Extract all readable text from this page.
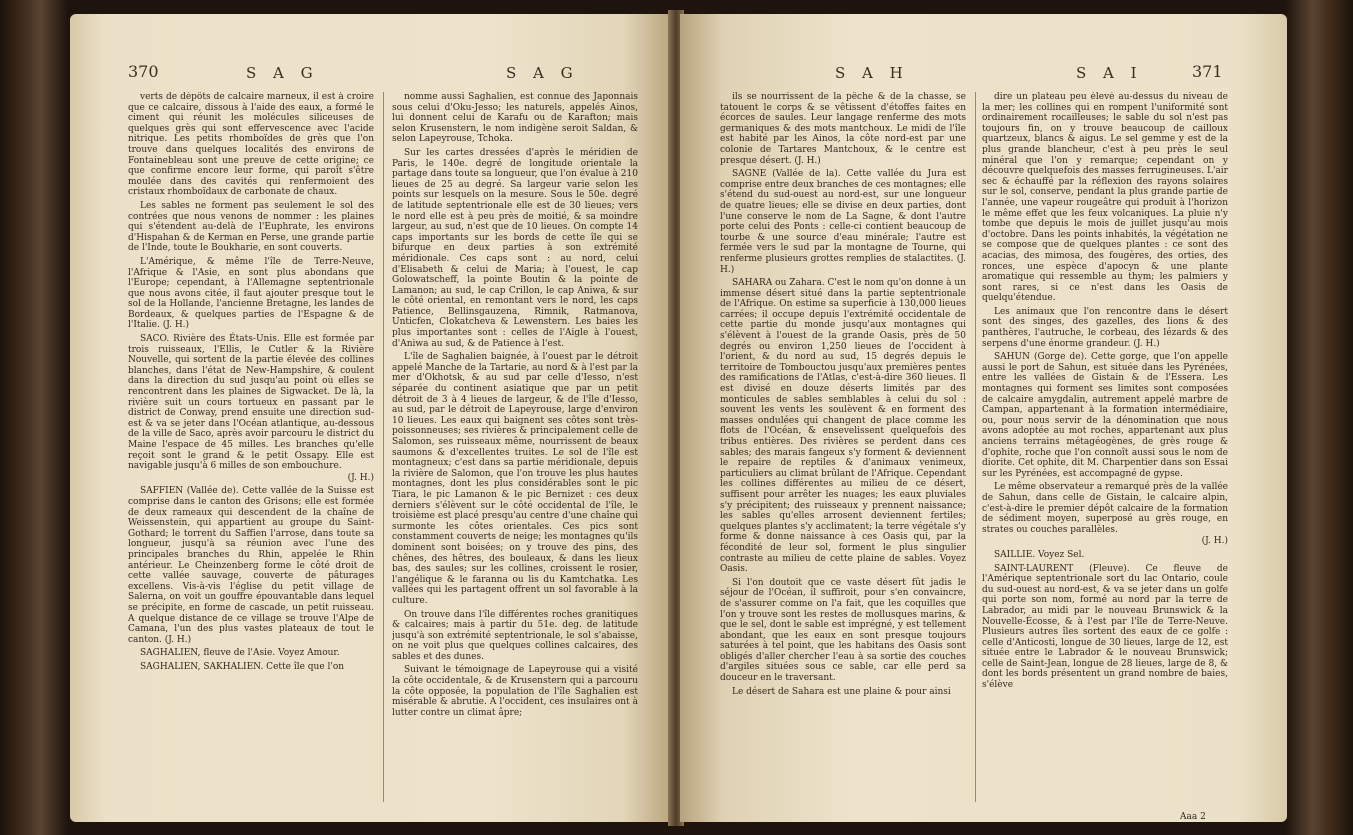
370	S A G	S A G

verts de dépôts de calcaire marneux, il est à croire que ce calcaire, dissous à l'aide des eaux, a formé le ciment qui réunit les molécules siliceuses de quelques grès qui sont effervescence avec l'acide nitrique. Les petits rhomboïdes de grès que l'on trouve dans quelques localités des environs de Fontainebleau sont une preuve de cette origine; ce que confirme encore leur forme, qui paroît s'être moulée dans des cavités qui renfermoient des cristaux rhomboïdaux de carbonate de chaux.

Les sables ne forment pas seulement le sol des contrées que nous venons de nommer : les plaines qui s'étendent au-delà de l'Euphrate, les environs d'Hispahan & de Kerman en Perse, une grande partie de l'Inde, toute le Boukharie, en sont couverts.

L'Amérique, & même l'île de Terre-Neuve, l'Afrique & l'Asie, en sont plus abondans que l'Europe; cependant, à l'Allemagne septentrionale que nous avons citée, il faut ajouter presque tout le sol de la Hollande, l'ancienne Bretagne, les landes de Bordeaux, & quelques parties de l'Espagne & de l'Italie. (J. H.)

SACO. Rivière des États-Unis. Elle est formée par trois ruisseaux, l'Ellis, le Cutler & la Rivière Nouvelle, qui sortent de la partie élevée des collines blanches, dans l'état de New-Hampshire, & coulent dans la direction du sud jusqu'au point où elles se rencontrent dans les plaines de Sigwacket. De là, la rivière suit un cours tortueux en passant par le district de Conway, prend ensuite une direction sud-est & va se jeter dans l'Océan atlantique, au-dessous de la ville de Saco, après avoir parcouru le district du Maine l'espace de 45 milles. Les branches qu'elle reçoit sont le grand & le petit Ossapy. Elle est navigable jusqu'à 6 milles de son embouchure.

(J. H.)

SAFFIEN (Vallée de). Cette vallée de la Suisse est comprise dans le canton des Grisons; elle est formée de deux rameaux qui descendent de la chaîne de Weissenstein, qui appartient au groupe du Saint-Gothard; le torrent du Saffien l'arrose, dans toute sa longueur, jusqu'à sa réunion avec l'une des principales branches du Rhin, appelée le Rhin antérieur. Le Cheinzenberg forme le côté droit de cette vallée sauvage, couverte de pâturages excellens. Vis-à-vis l'église du petit village de Salerna, on voit un gouffre épouvantable dans lequel se précipite, en forme de cascade, un petit ruisseau. A quelque distance de ce village se trouve l'Alpe de Camana, l'un des plus vastes plateaux de tout le canton. (J. H.)

SAGHALIEN, fleuve de l'Asie. Voyez Amour.

SAGHALIEN, SAKHALIEN. Cette île que l'on

nomme aussi Saghalien, est connue des Japonnais sous celui d'Oku-Jesso; les naturels, appelés Ainos, lui donnent celui de Karafu ou de Karafton; mais selon Krusenstern, le nom indigène seroit Saldan, & selon Lapeyrouse, Tchoka.

Sur les cartes dressées d'après le méridien de Paris, le 140e. degré de longitude orientale la partage dans toute sa longueur, que l'on évalue à 210 lieues de 25 au degré. Sa largeur varie selon les points sur lesquels on la mesure. Sous le 50e. degré de latitude septentrionale elle est de 30 lieues; vers le nord elle est à peu près de moitié, & sa moindre largeur, au sud, n'est que de 10 lieues. On compte 14 caps importants sur les bords de cette île qui se bifurque en deux parties à son extrémité méridionale. Ces caps sont : au nord, celui d'Elisabeth & celui de Maria; à l'ouest, le cap Golowatscheff, la pointe Boutin & la pointe de Lamanon; au sud, le cap Crillon, le cap Aniwa, & sur le côté oriental, en remontant vers le nord, les caps Patience, Bellinsgauzena, Rimnik, Ratmanova, Unticfen, Clokatcheva & Lewenstern. Les baies les plus importantes sont : celles de l'Aigle à l'ouest, d'Aniwa au sud, & de Patience à l'est.

L'île de Saghalien baignée, à l'ouest par le détroit appelé Manche de la Tartarie, au nord & à l'est par la mer d'Okhotsk, & au sud par celle d'Iesso, n'est séparée du continent asiatique que par un petit détroit de 3 à 4 lieues de largeur, & de l'île d'Iesso, au sud, par le détroit de Lapeyrouse, large d'environ 10 lieues. Les eaux qui baignent ses côtes sont très-poissonneuses; ses rivières & principalement celle de Salomon, ses ruisseaux même, nourrissent de beaux saumons & d'excellentes truites. Le sol de l'île est montagneux; c'est dans sa partie méridionale, depuis la rivière de Salomon, que l'on trouve les plus hautes montagnes, dont les plus considérables sont le pic Tiara, le pic Lamanon & le pic Bernizet : ces deux derniers s'élèvent sur le côté occidental de l'île, le troisième est placé presqu'au centre d'une chaîne qui surmonte les côtes orientales. Ces pics sont constamment couverts de neige; les montagnes qu'ils dominent sont boisées; on y trouve des pins, des chênes, des hêtres, des bouleaux, & dans les lieux bas, des saules; sur les collines, croissent le rosier, l'angélique & le faranna ou lis du Kamtchatka. Les vallées qui les partagent offrent un sol favorable à la culture.

On trouve dans l'île différentes roches granitiques & calcaires; mais à partir du 51e. deg. de latitude jusqu'à son extrémité septentrionale, le sol s'abaisse, on ne voit plus que quelques collines calcaires, des sables et des dunes.

Suivant le témoignage de Lapeyrouse qui a visité la côte occidentale, & de Krusenstern qui a parcouru la côte opposée, la population de l'île Saghalien est misérable & abrutie. A l'occident, ces insulaires ont à lutter contre un climat âpre;

S A H	S A I	371

ils se nourrissent de la pêche & de la chasse, se tatouent le corps & se vêtissent d'étoffes faites en écorces de saules. Leur langage renferme des mots germaniques & des mots mantchoux. Le midi de l'île est habité par les Ainos, la côte nord-est par une colonie de Tartares Mantchoux, & le centre est presque désert. (J. H.)

SAGNE (Vallée de la). Cette vallée du Jura est comprise entre deux branches de ces montagnes; elle s'étend du sud-ouest au nord-est, sur une longueur de quatre lieues; elle se divise en deux parties, dont l'une conserve le nom de La Sagne, & dont l'autre porte celui des Ponts : celle-ci contient beaucoup de tourbe & une source d'eau minérale; l'autre est fermée vers le sud par la montagne de Tourne, qui renferme plusieurs grottes remplies de stalactites. (J. H.)

SAHARA ou Zahara. C'est le nom qu'on donne à un immense désert situé dans la partie septentrionale de l'Afrique. On estime sa superficie à 130,000 lieues carrées; il occupe depuis l'extrémité occidentale de cette partie du monde jusqu'aux montagnes qui s'élèvent à l'ouest de la grande Oasis, près de 50 degrés ou environ 1,250 lieues de l'occident à l'orient, & du nord au sud, 15 degrés depuis le territoire de Tombouctou jusqu'aux premières pentes des ramifications de l'Atlas, c'est-à-dire 360 lieues. Il est divisé en douze déserts limités par des monticules de sables semblables à celui du sol : souvent les vents les soulèvent & en forment des masses ondulées qui changent de place comme les flots de l'Océan, & ensevelissent quelquefois des tribus entières. Des rivières se perdent dans ces sables; des marais fangeux s'y forment & deviennent le repaire de reptiles & d'animaux venimeux, particuliers au climat brûlant de l'Afrique. Cependant les collines différentes au milieu de ce désert, suffisent pour arrêter les nuages; les eaux pluviales s'y précipitent; des ruisseaux y prennent naissance; les sables qu'elles arrosent deviennent fertiles; quelques plantes s'y acclimatent; la terre végétale s'y forme & donne naissance à ces Oasis qui, par la fécondité de leur sol, forment le plus singulier contraste au milieu de cette plaine de sables. Voyez Oasis.

Si l'on doutoit que ce vaste désert fût jadis le séjour de l'Océan, il suffiroit, pour s'en convaincre, de s'assurer comme on l'a fait, que les coquilles que l'on y trouve sont les restes de mollusques marins, & que le sel, dont le sable est imprégné, y est tellement abondant, que les eaux en sont presque toujours saturées à tel point, que les habitans des Oasis sont obligés d'aller chercher l'eau à sa sortie des couches d'argiles situées sous ce sable, car elle perd sa douceur en le traversant.

Le désert de Sahara est une plaine & pour ainsi

dire un plateau peu élevé au-dessus du niveau de la mer; les collines qui en rompent l'uniformité sont ordinairement rocailleuses; le sable du sol n'est pas toujours fin, on y trouve beaucoup de cailloux quartzeux, blancs & aigus. Le sel gemme y est de la plus grande blancheur, c'est à peu près le seul minéral que l'on y remarque; cependant on y découvre quelquefois des masses ferrugineuses. L'air sec & échauffé par la réflexion des rayons solaires sur le sol, conserve, pendant la plus grande partie de l'année, une vapeur rougeâtre qui produit à l'horizon le même effet que les feux volcaniques. La pluie n'y tombe que depuis le mois de juillet jusqu'au mois d'octobre. Dans les points inhabités, la végétation ne se compose que de quelques plantes : ce sont des acacias, des mimosa, des fougères, des orties, des ronces, une espèce d'apocyn & une plante aromatique qui ressemble au thym; les palmiers y sont rares, si ce n'est dans les Oasis de quelqu'étendue.

Les animaux que l'on rencontre dans le désert sont des singes, des gazelles, des lions & des panthères, l'autruche, le corbeau, des lézards & des serpens d'une énorme grandeur. (J. H.)

SAHUN (Gorge de). Cette gorge, que l'on appelle aussi le port de Sahun, est située dans les Pyrénées, entre les vallées de Gistain & de l'Essera. Les montagnes qui forment ses limites sont composées de calcaire amygdalin, autrement appelé marbre de Campan, appartenant à la formation intermédiaire, ou, pour nous servir de la dénomination que nous avons adoptée au mot roches, appartenant aux plus anciens terrains métagéogènes, de grès rouge & d'ophite, roche que l'on connoît aussi sous le nom de diorite. Cet ophite, dit M. Charpentier dans son Essai sur les Pyrénées, est accompagné de gypse.

Le même observateur a remarqué près de la vallée de Sahun, dans celle de Gistain, le calcaire alpin, c'est-à-dire le premier dépôt calcaire de la formation de sédiment moyen, superposé au grès rouge, en strates ou couches parallèles.

(J. H.)

SAILLIE. Voyez Sel.

SAINT-LAURENT (Fleuve). Ce fleuve de l'Amérique septentrionale sort du lac Ontario, coule du sud-ouest au nord-est, & va se jeter dans un golfe qui porte son nom, formé au nord par la terre de Labrador, au midi par le nouveau Brunswick & la Nouvelle-Écosse, & à l'est par l'île de Terre-Neuve. Plusieurs autres îles sortent des eaux de ce golfe : celle d'Anticosti, longue de 30 lieues, large de 12, est située entre le Labrador & le nouveau Brunswick; celle de Saint-Jean, longue de 28 lieues, large de 8, & dont les bords présentent un grand nombre de baies, s'élève

Aaa 2
